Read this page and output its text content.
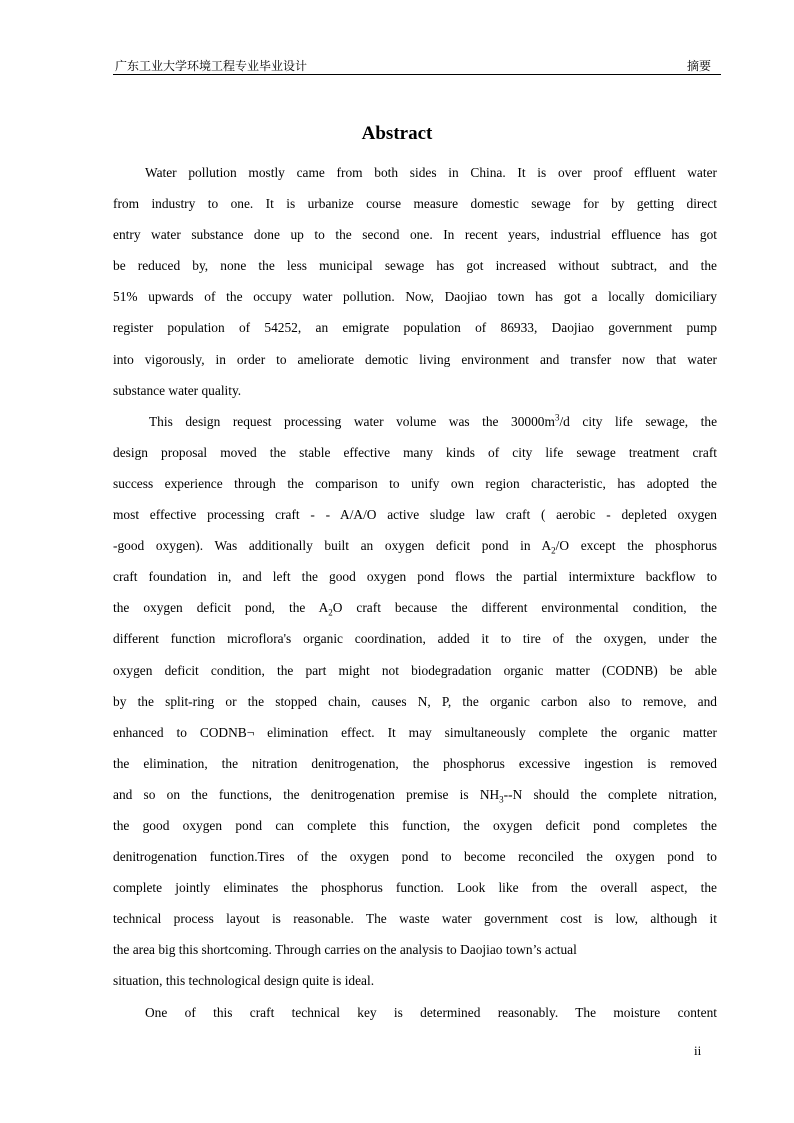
广东工业大学环境工程专业毕业设计	摘要
Abstract
Water pollution mostly came from both sides in China. It is over proof effluent water
from industry to one. It is urbanize course measure domestic sewage for by getting direct
entry water substance done up to the second one. In recent years, industrial effluence has got
be reduced by, none the less municipal sewage has got increased without subtract, and the
51% upwards of the occupy water pollution. Now, Daojiao town has got a locally domiciliary
register population of 54252, an emigrate population of 86933, Daojiao government pump
into vigorously, in order to ameliorate demotic living environment and transfer now that water
substance water quality.
This design request processing water volume was the $30000m^3/d$ city life sewage, the
design proposal moved the stable effective many kinds of city life sewage treatment craft
success experience through the comparison to unify own region characteristic, has adopted the
most effective processing craft - - A/A/O active sludge law craft ( aerobic - depleted oxygen
-good oxygen). Was additionally built an oxygen deficit pond in $A_2/O$ except the phosphorus
craft foundation in, and left the good oxygen pond flows the partial intermixture backflow to
the oxygen deficit pond, the $A_2O$ craft because the different environmental condition, the
different function microflora's organic coordination, added it to tire of the oxygen, under the
oxygen deficit condition, the part might not biodegradation organic matter (CODNB) be able
by the split-ring or the stopped chain, causes N, P, the organic carbon also to remove, and
enhanced to CODNB¬ elimination effect. It may simultaneously complete the organic matter
the elimination, the nitration denitrogenation, the phosphorus excessive ingestion is removed
and so on the functions, the denitrogenation premise is $NH_3--N$ should the complete nitration,
the good oxygen pond can complete this function, the oxygen deficit pond completes the
denitrogenation function.Tires of the oxygen pond to become reconciled the oxygen pond to
complete jointly eliminates the phosphorus function. Look like from the overall aspect, the
technical process layout is reasonable. The waste water government cost is low, although it
the area big this shortcoming. Through carries on the analysis to Daojiao town’s actual
situation, this technological design quite is ideal.
One of this craft technical key is determined reasonably. The moisture content
ii
